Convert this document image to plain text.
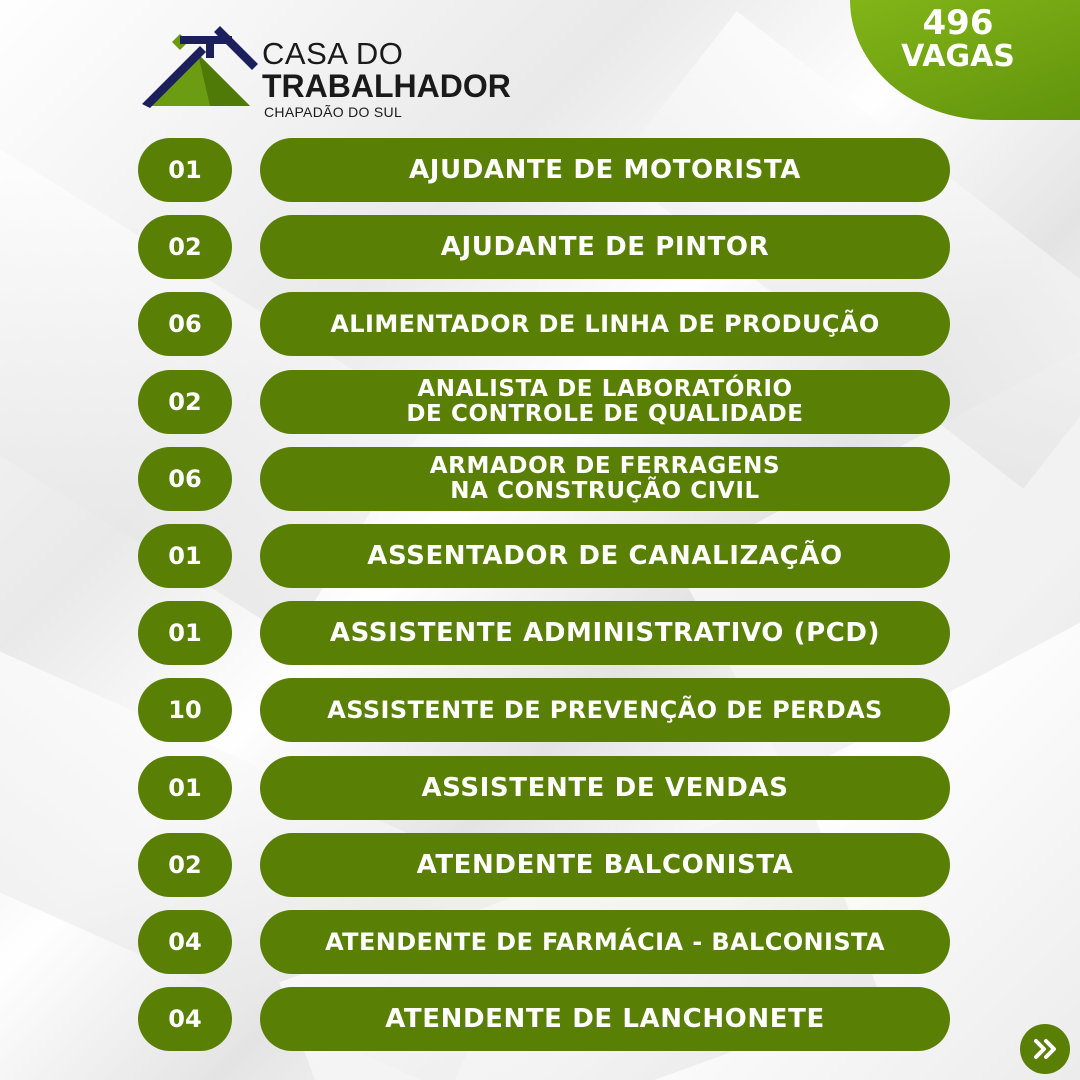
CASA DO
TRABALHADOR
CHAPADÃO DO SUL
496
VAGAS
01	AJUDANTE DE MOTORISTA
02	AJUDANTE DE PINTOR
06	ALIMENTADOR DE LINHA DE PRODUÇÃO
02	ANALISTA DE LABORATÓRIO
DE CONTROLE DE QUALIDADE
06	ARMADOR DE FERRAGENS
NA CONSTRUÇÃO CIVIL
01	ASSENTADOR DE CANALIZAÇÃO
01	ASSISTENTE ADMINISTRATIVO (PCD)
10	ASSISTENTE DE PREVENÇÃO DE PERDAS
01	ASSISTENTE DE VENDAS
02	ATENDENTE BALCONISTA
04	ATENDENTE DE FARMÁCIA - BALCONISTA
04	ATENDENTE DE LANCHONETE
